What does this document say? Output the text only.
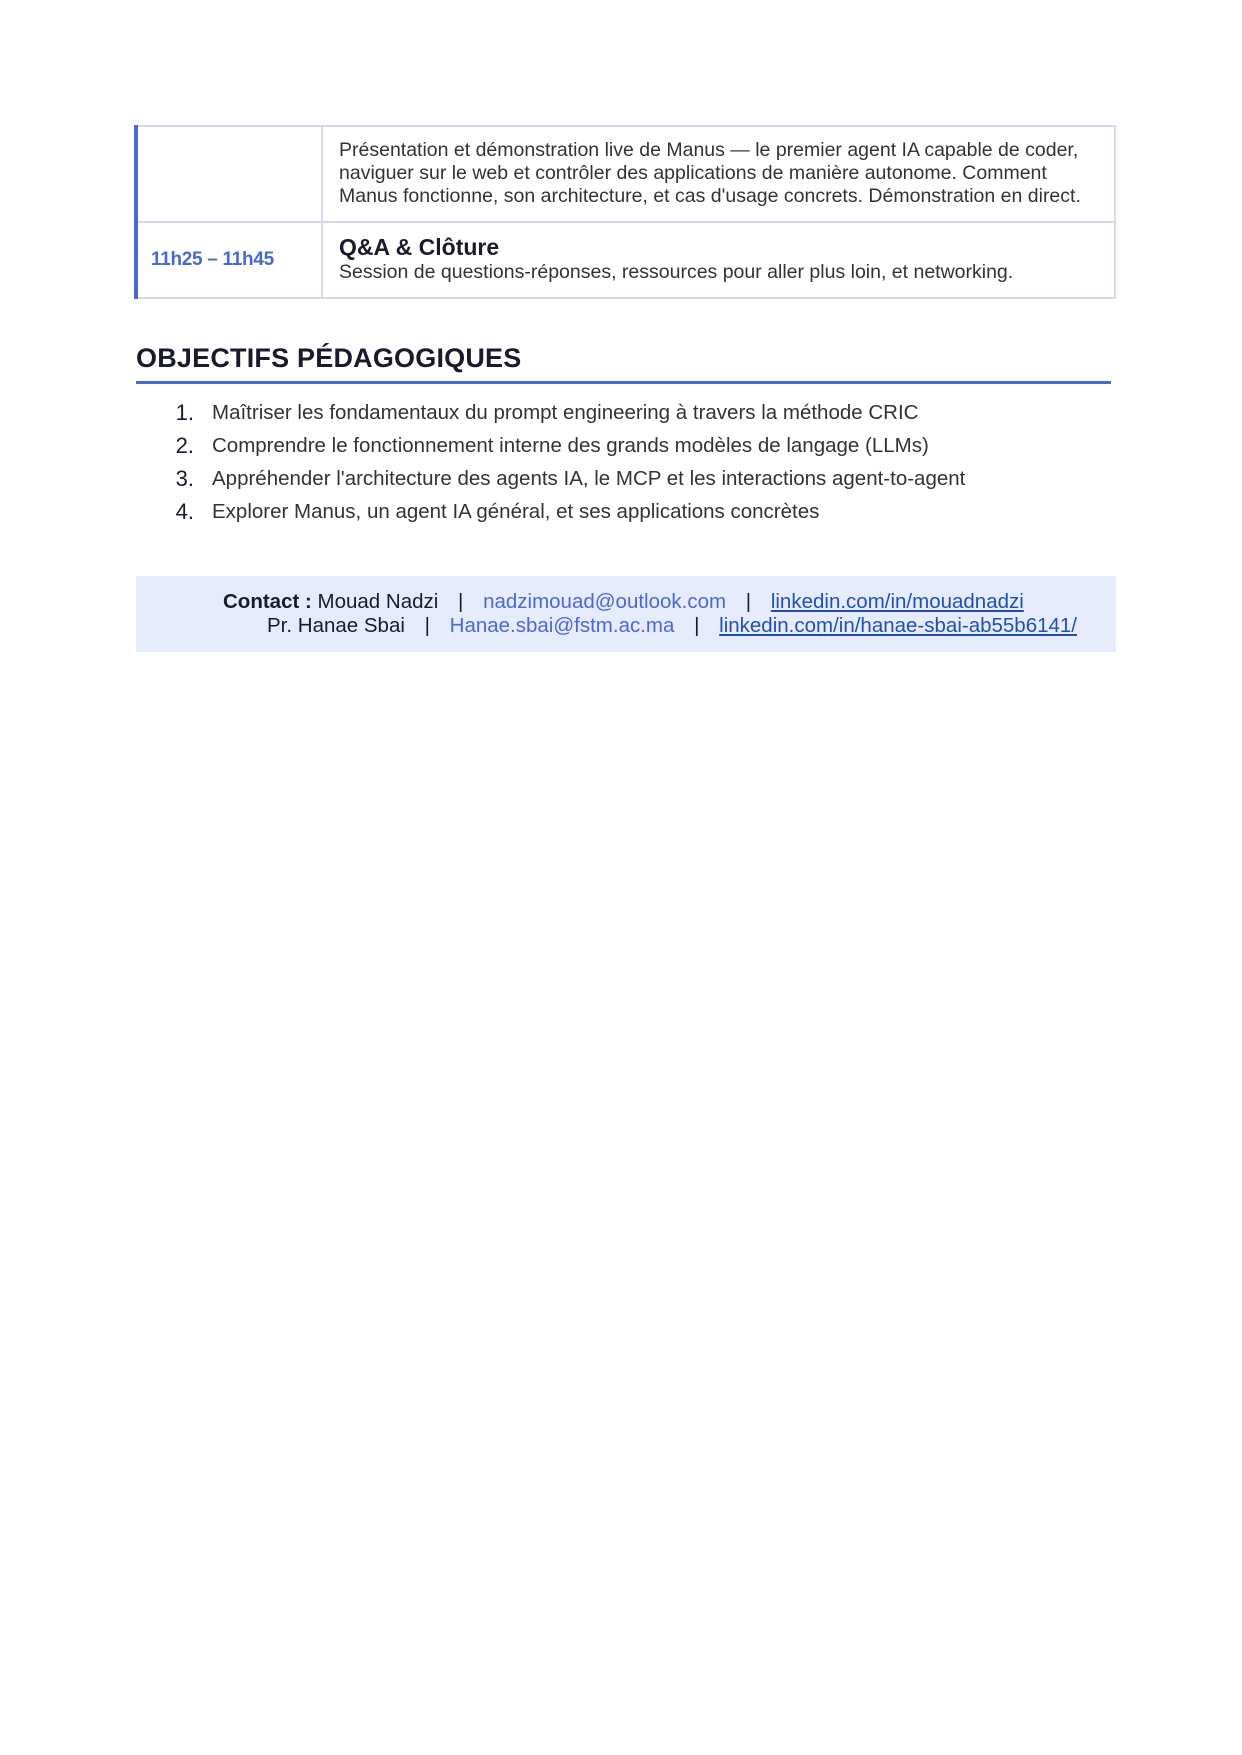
	Présentation et démonstration live de Manus — le premier agent IA capable de coder, naviguer sur le web et contrôler des applications de manière autonome. Comment Manus fonctionne, son architecture, et cas d'usage concrets. Démonstration en direct.

11h25 – 11h45	Q&A & Clôture
Session de questions-réponses, ressources pour aller plus loin, et networking.
OBJECTIFS PÉDAGOGIQUES
1. Maîtriser les fondamentaux du prompt engineering à travers la méthode CRIC
2. Comprendre le fonctionnement interne des grands modèles de langage (LLMs)
3. Appréhender l'architecture des agents IA, le MCP et les interactions agent-to-agent
4. Explorer Manus, un agent IA général, et ses applications concrètes
Contact : Mouad Nadzi | nadzimouad@outlook.com | linkedin.com/in/mouadnadzi
Pr. Hanae Sbai | Hanae.sbai@fstm.ac.ma | linkedin.com/in/hanae-sbai-ab55b6141/
